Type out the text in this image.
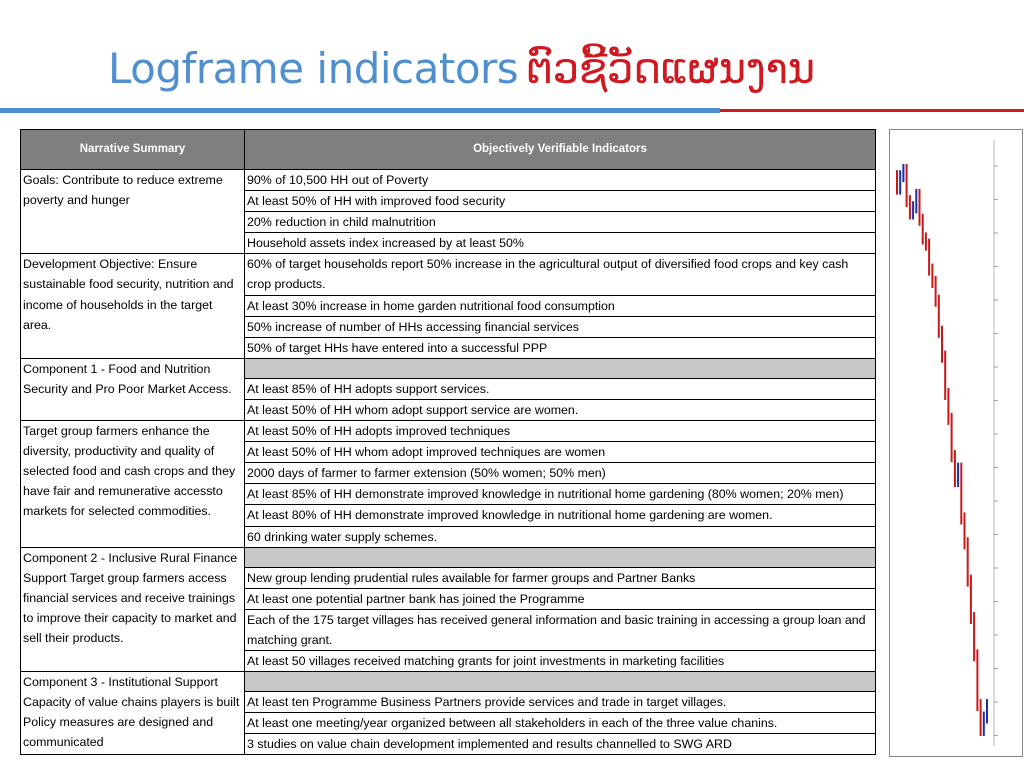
Logframe indicators ຕົວຊີ້ວັດແຜນງານ
Narrative Summary	Objectively Verifiable Indicators
Goals: Contribute to reduce extreme poverty and hunger	90% of 10,500 HH out of Poverty
	At least 50% of HH with improved food security
	20% reduction in child malnutrition
	Household assets index increased by at least 50%
Development Objective: Ensure sustainable food security, nutrition and income of households in the target area.	60% of target households report 50% increase in the agricultural output of diversified food crops and key cash crop products.
	At least 30% increase in home garden nutritional food consumption
	50% increase of number of HHs accessing financial services
	50% of target HHs have entered into a successful PPP
Component 1 - Food and Nutrition Security and Pro Poor Market Access.	
	At least 85% of HH adopts support services.
	At least 50% of HH whom adopt support service are women.
Target group farmers enhance the diversity, productivity and quality of selected food and cash crops and they have fair and remunerative accessto markets for selected commodities.	At least 50% of HH adopts improved techniques
	At least 50% of HH whom adopt improved techniques are women
	2000 days of farmer to farmer extension (50% women; 50% men)
	At least 85% of HH demonstrate improved knowledge in nutritional home gardening (80% women; 20% men)
	At least 80% of HH demonstrate improved knowledge in nutritional home gardening are women.
	60 drinking water supply schemes.
Component 2 - Inclusive Rural Finance Support Target group farmers access financial services and receive trainings to improve their capacity to market and sell their products.	
	New group lending prudential rules available for farmer groups and Partner Banks
	At least one potential partner bank has joined the Programme
	Each of the 175 target villages has received general information and basic training in accessing a group loan and matching grant.
	At least 50 villages received matching grants for joint investments in marketing facilities
Component 3 - Institutional Support Capacity of value chains players is built Policy measures are designed and communicated	
	At least ten Programme Business Partners provide services and trade in target villages.
	At least one meeting/year organized between all stakeholders in each of the three value chanins.
	3 studies on value chain development implemented and results channelled to SWG ARD
